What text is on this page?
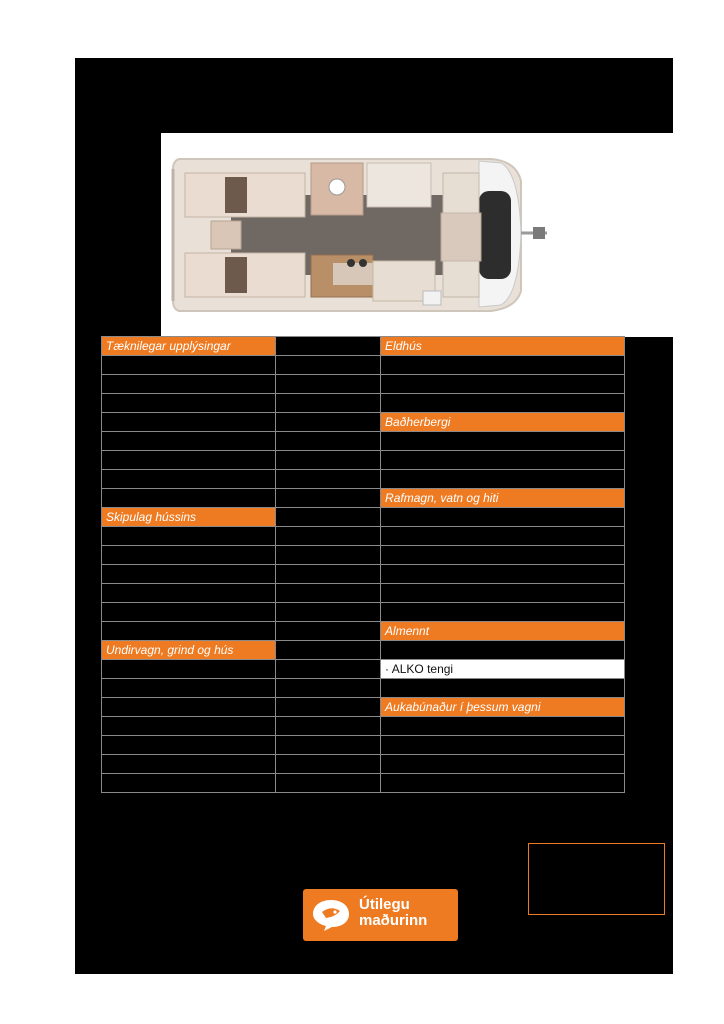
Tæknilegar upplýsingar		Eldhús

		Baðherbergi

		Rafmagn, vatn og hiti
Skipulag hússins		

		Almennt
Undirvagn, grind og hús		
		· ALKO tengi

		Aukabúnaður í þessum vagni

Útilegu
maðurinn
